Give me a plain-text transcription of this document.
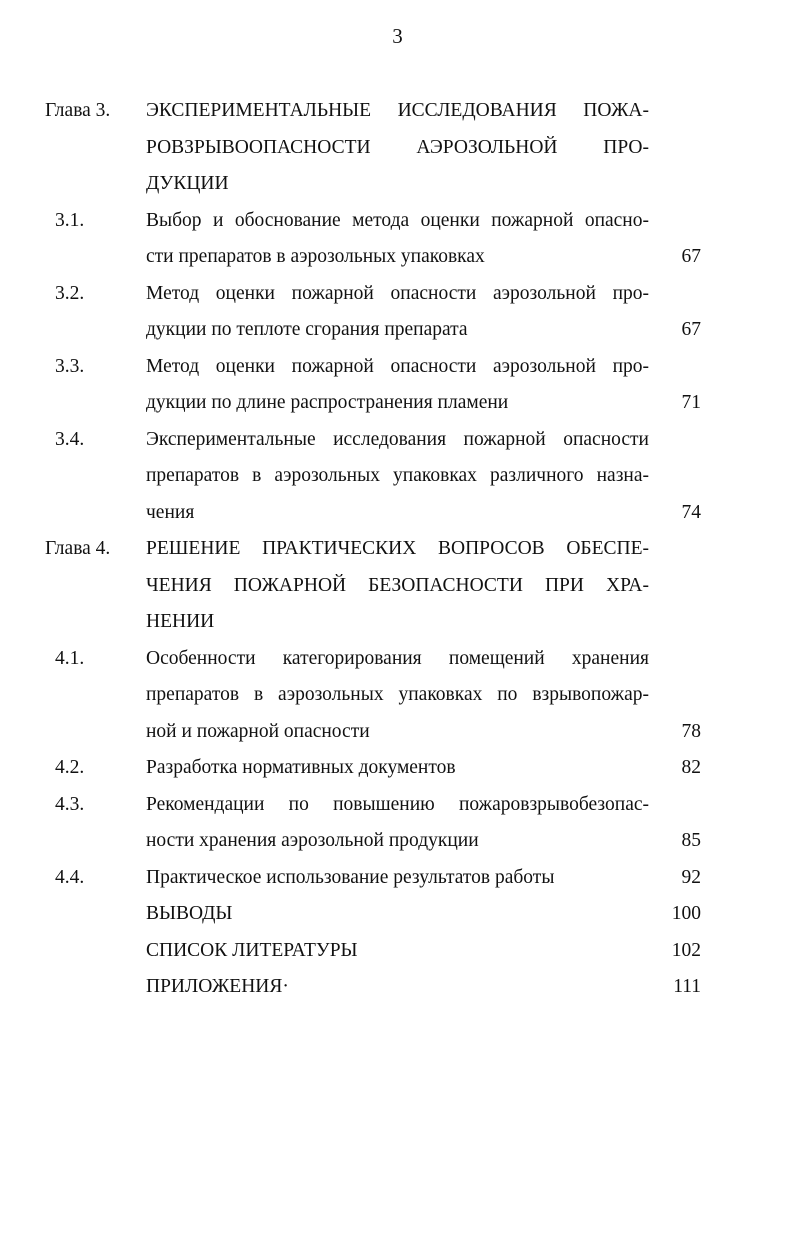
3
Глава 3. ЭКСПЕРИМЕНТАЛЬНЫЕ ИССЛЕДОВАНИЯ ПОЖА-
РОВЗРЫВООПАСНОСТИ АЭРОЗОЛЬНОЙ ПРО-
ДУКЦИИ
3.1.	Выбор и обоснование метода оценки пожарной опасно-
сти препаратов в аэрозольных упаковках	67
3.2.	Метод оценки пожарной опасности аэрозольной про-
дукции по теплоте сгорания препарата	67
3.3.	Метод оценки пожарной опасности аэрозольной про-
дукции по длине распространения пламени	71
3.4.	Экспериментальные исследования пожарной опасности
препаратов в аэрозольных упаковках различного назна-
чения	74
Глава 4. РЕШЕНИЕ ПРАКТИЧЕСКИХ ВОПРОСОВ ОБЕСПЕ-
ЧЕНИЯ ПОЖАРНОЙ БЕЗОПАСНОСТИ ПРИ ХРА-
НЕНИИ
4.1.	Особенности категорирования помещений хранения
препаратов в аэрозольных упаковках по взрывопожар-
ной и пожарной опасности	78
4.2.	Разработка нормативных документов	82
4.3.	Рекомендации по повышению пожаровзрывобезопас-
ности хранения аэрозольной продукции	85
4.4.	Практическое использование результатов работы	92
ВЫВОДЫ	100
СПИСОК ЛИТЕРАТУРЫ	102
ПРИЛОЖЕНИЯ·	111
